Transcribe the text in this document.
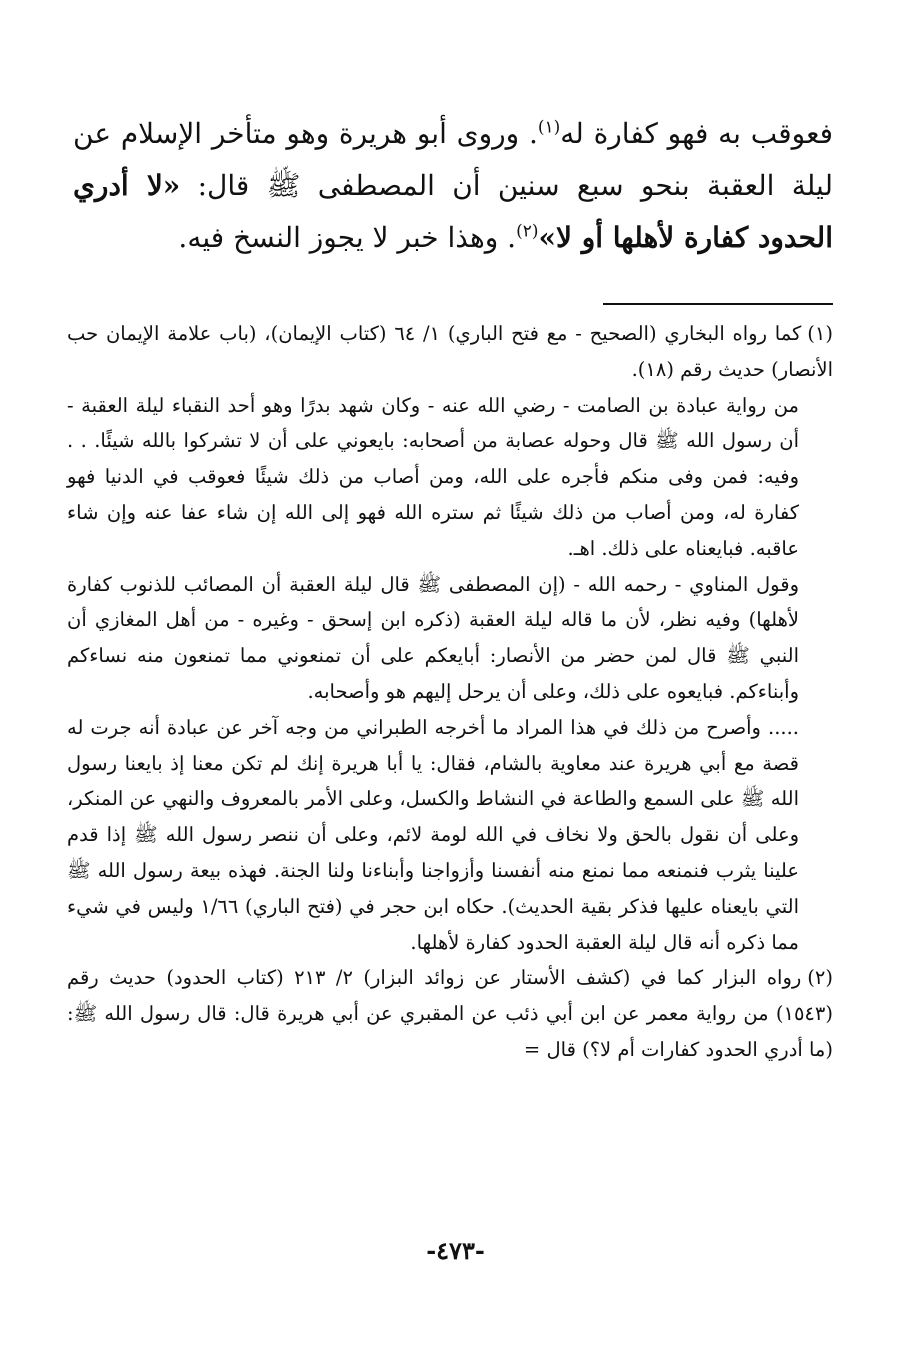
فعوقب به فهو كفارة له$^{(١)}$. وروى أبو هريرة وهو متأخر الإسلام عن ليلة العقبة بنحو سبع سنين أن المصطفى ﷺ قال: «لا أدري الحدود كفارة لأهلها أو لا»$^{(٢)}$. وهذا خبر لا يجوز النسخ فيه.

(١)كما رواه البخاري (الصحيح - مع فتح الباري) ١/ ٦٤ (كتاب الإيمان)، (باب علامة الإيمان حب الأنصار) حديث رقم (١٨).

من رواية عبادة بن الصامت - رضي الله عنه - وكان شهد بدرًا وهو أحد النقباء ليلة العقبة - أن رسول الله ﷺ قال وحوله عصابة من أصحابه: بايعوني على أن لا تشركوا بالله شيئًا. . . وفيه: فمن وفى منكم فأجره على الله، ومن أصاب من ذلك شيئًا فعوقب في الدنيا فهو كفارة له، ومن أصاب من ذلك شيئًا ثم ستره الله فهو إلى الله إن شاء عفا عنه وإن شاء عاقبه. فبايعناه على ذلك. اهـ.

وقول المناوي - رحمه الله - (إن المصطفى ﷺ قال ليلة العقبة أن المصائب للذنوب كفارة لأهلها) وفيه نظر، لأن ما قاله ليلة العقبة (ذكره ابن إسحق - وغيره - من أهل المغازي أن النبي ﷺ قال لمن حضر من الأنصار: أبايعكم على أن تمنعوني مما تمنعون منه نساءكم وأبناءكم. فبايعوه على ذلك، وعلى أن يرحل إليهم هو وأصحابه.

..... وأصرح من ذلك في هذا المراد ما أخرجه الطبراني من وجه آخر عن عبادة أنه جرت له قصة مع أبي هريرة عند معاوية بالشام، فقال: يا أبا هريرة إنك لم تكن معنا إذ بايعنا رسول الله ﷺ على السمع والطاعة في النشاط والكسل، وعلى الأمر بالمعروف والنهي عن المنكر، وعلى أن نقول بالحق ولا نخاف في الله لومة لائم، وعلى أن ننصر رسول الله ﷺ إذا قدم علينا يثرب فنمنعه مما نمنع منه أنفسنا وأزواجنا وأبناءنا ولنا الجنة. فهذه بيعة رسول الله ﷺ التي بايعناه عليها فذكر بقية الحديث). حكاه ابن حجر في (فتح الباري) ١/٦٦ وليس في شيء مما ذكره أنه قال ليلة العقبة الحدود كفارة لأهلها.

(٢)رواه البزار كما في (كشف الأستار عن زوائد البزار) ٢/ ٢١٣ (كتاب الحدود) حديث رقم (١٥٤٣) من رواية معمر عن ابن أبي ذئب عن المقبري عن أبي هريرة قال: قال رسول الله ﷺ: (ما أدري الحدود كفارات أم لا؟) قال =

-٤٧٣-
